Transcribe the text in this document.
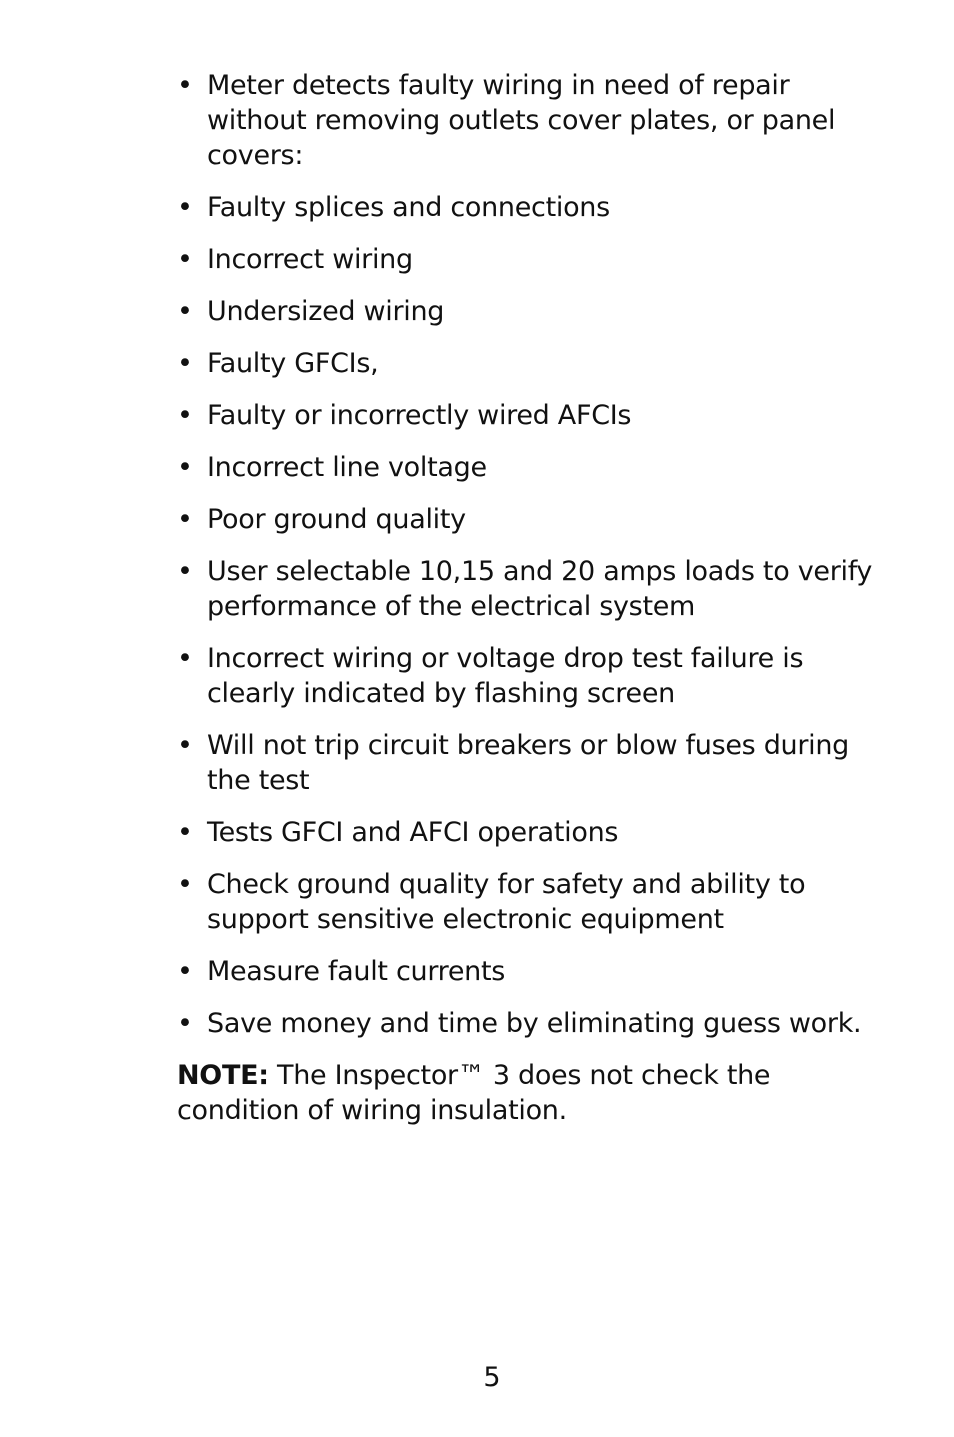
• Meter detects faulty wiring in need of repair without removing outlets cover plates, or panel covers:
• Faulty splices and connections
• Incorrect wiring
• Undersized wiring
• Faulty GFCIs,
• Faulty or incorrectly wired AFCIs
• Incorrect line voltage
• Poor ground quality
• User selectable 10,15 and 20 amps loads to verify performance of the electrical system
• Incorrect wiring or voltage drop test failure is clearly indicated by flashing screen
• Will not trip circuit breakers or blow fuses during the test
• Tests GFCI and AFCI operations
• Check ground quality for safety and ability to support sensitive electronic equipment
• Measure fault currents
• Save money and time by eliminating guess work.

NOTE: The Inspector™ 3 does not check the condition of wiring insulation.

5
